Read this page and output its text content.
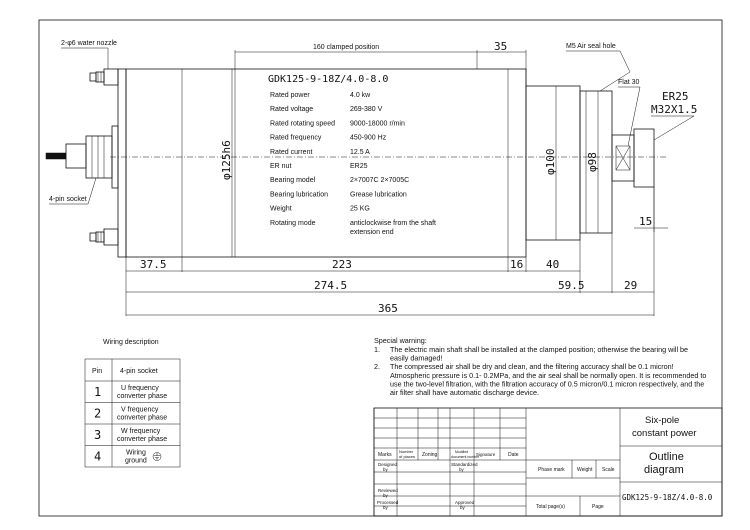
2-φ6 water nozzle
4-pin socket
M5 Air seal hole
Flat 30
ER25
M32X1.5
160 clamped position	35
GDK125-9-18Z/4.0-8.0
Rated power	4.0 kw
Rated voltage	269-380 V
Rated rotating speed 9000-18000 r/min
Rated frequency	450-900 Hz
Rated current	12.5 A
ER nut	ER25
Bearing model	2×7007C 2×7005C
Bearing lubrication	Grease lubrication
Weight	25 KG
Rotating mode	anticlockwise from the shaft
extension end
φ125h6	φ100	φ98
15
37.5	223	16 40
274.5	59.5	29
365
Wiring description
Pin	4-pin socket
1	U frequency
converter phase
2	V frequency
converter phase
3	W frequency
converter phase
4	Wiring
ground
Special warning:
1. The electric main shaft shall be installed at the clamped position; otherwise the bearing will be
easily damaged!
2. The compressed air shall be dry and clean, and the filtering accuracy shall be 0.1 micron!
Atmospheric pressure is 0.1- 0.2MPa, and the air seal shall be normally open. It is recommended to
use the two-level filtration, with the filtration accuracy of 0.5 micron/0.1 micron respectively, and the
air filter shall have automatic discharge device.
Marks
Number
of places Zoning	Modified
document number
Signature	Date
Designed
by
Standardized
by	Phase mark Weight Scale
Reviewed
by
Processed
by
Approved
by	Total page(s)	Page
Six-pole
constant power
Outline
diagram
GDK125-9-18Z/4.0-8.0
